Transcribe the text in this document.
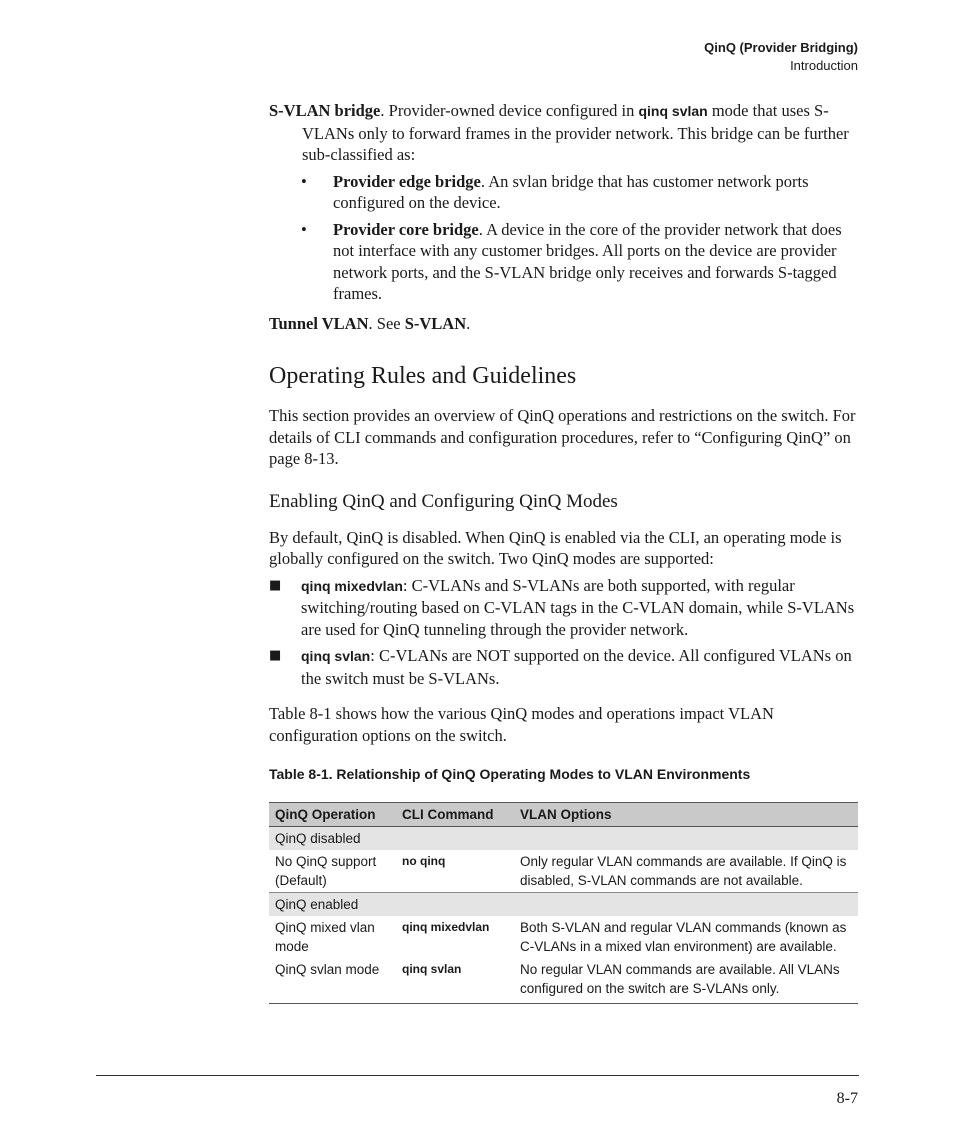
QinQ (Provider Bridging)
Introduction

S-VLAN bridge. Provider-owned device configured in qinq svlan mode that uses S-VLANs only to forward frames in the provider network. This bridge can be further sub-classified as:

• Provider edge bridge. An svlan bridge that has customer network ports configured on the device.
• Provider core bridge. A device in the core of the provider network that does not interface with any customer bridges. All ports on the device are provider network ports, and the S-VLAN bridge only receives and forwards S-tagged frames.

Tunnel VLAN. See S-VLAN.

Operating Rules and Guidelines

This section provides an overview of QinQ operations and restrictions on the switch. For details of CLI commands and configuration procedures, refer to “Configuring QinQ” on page 8-13.

Enabling QinQ and Configuring QinQ Modes

By default, QinQ is disabled. When QinQ is enabled via the CLI, an operating mode is globally configured on the switch. Two QinQ modes are supported:

■ qinq mixedvlan: C-VLANs and S-VLANs are both supported, with regular switching/routing based on C-VLAN tags in the C-VLAN domain, while S-VLANs are used for QinQ tunneling through the provider network.
■ qinq svlan: C-VLANs are NOT supported on the device. All configured VLANs on the switch must be S-VLANs.

Table 8-1 shows how the various QinQ modes and operations impact VLAN configuration options on the switch.

Table 8-1. Relationship of QinQ Operating Modes to VLAN Environments
QinQ Operation	CLI Command	VLAN Options
QinQ disabled		
No QinQ support (Default)	no qinq	Only regular VLAN commands are available. If QinQ is disabled, S-VLAN commands are not available.
QinQ enabled		
QinQ mixed vlan mode	qinq mixedvlan	Both S-VLAN and regular VLAN commands (known as C-VLANs in a mixed vlan environment) are available.
QinQ svlan mode	qinq svlan	No regular VLAN commands are available. All VLANs configured on the switch are S-VLANs only.
8-7
